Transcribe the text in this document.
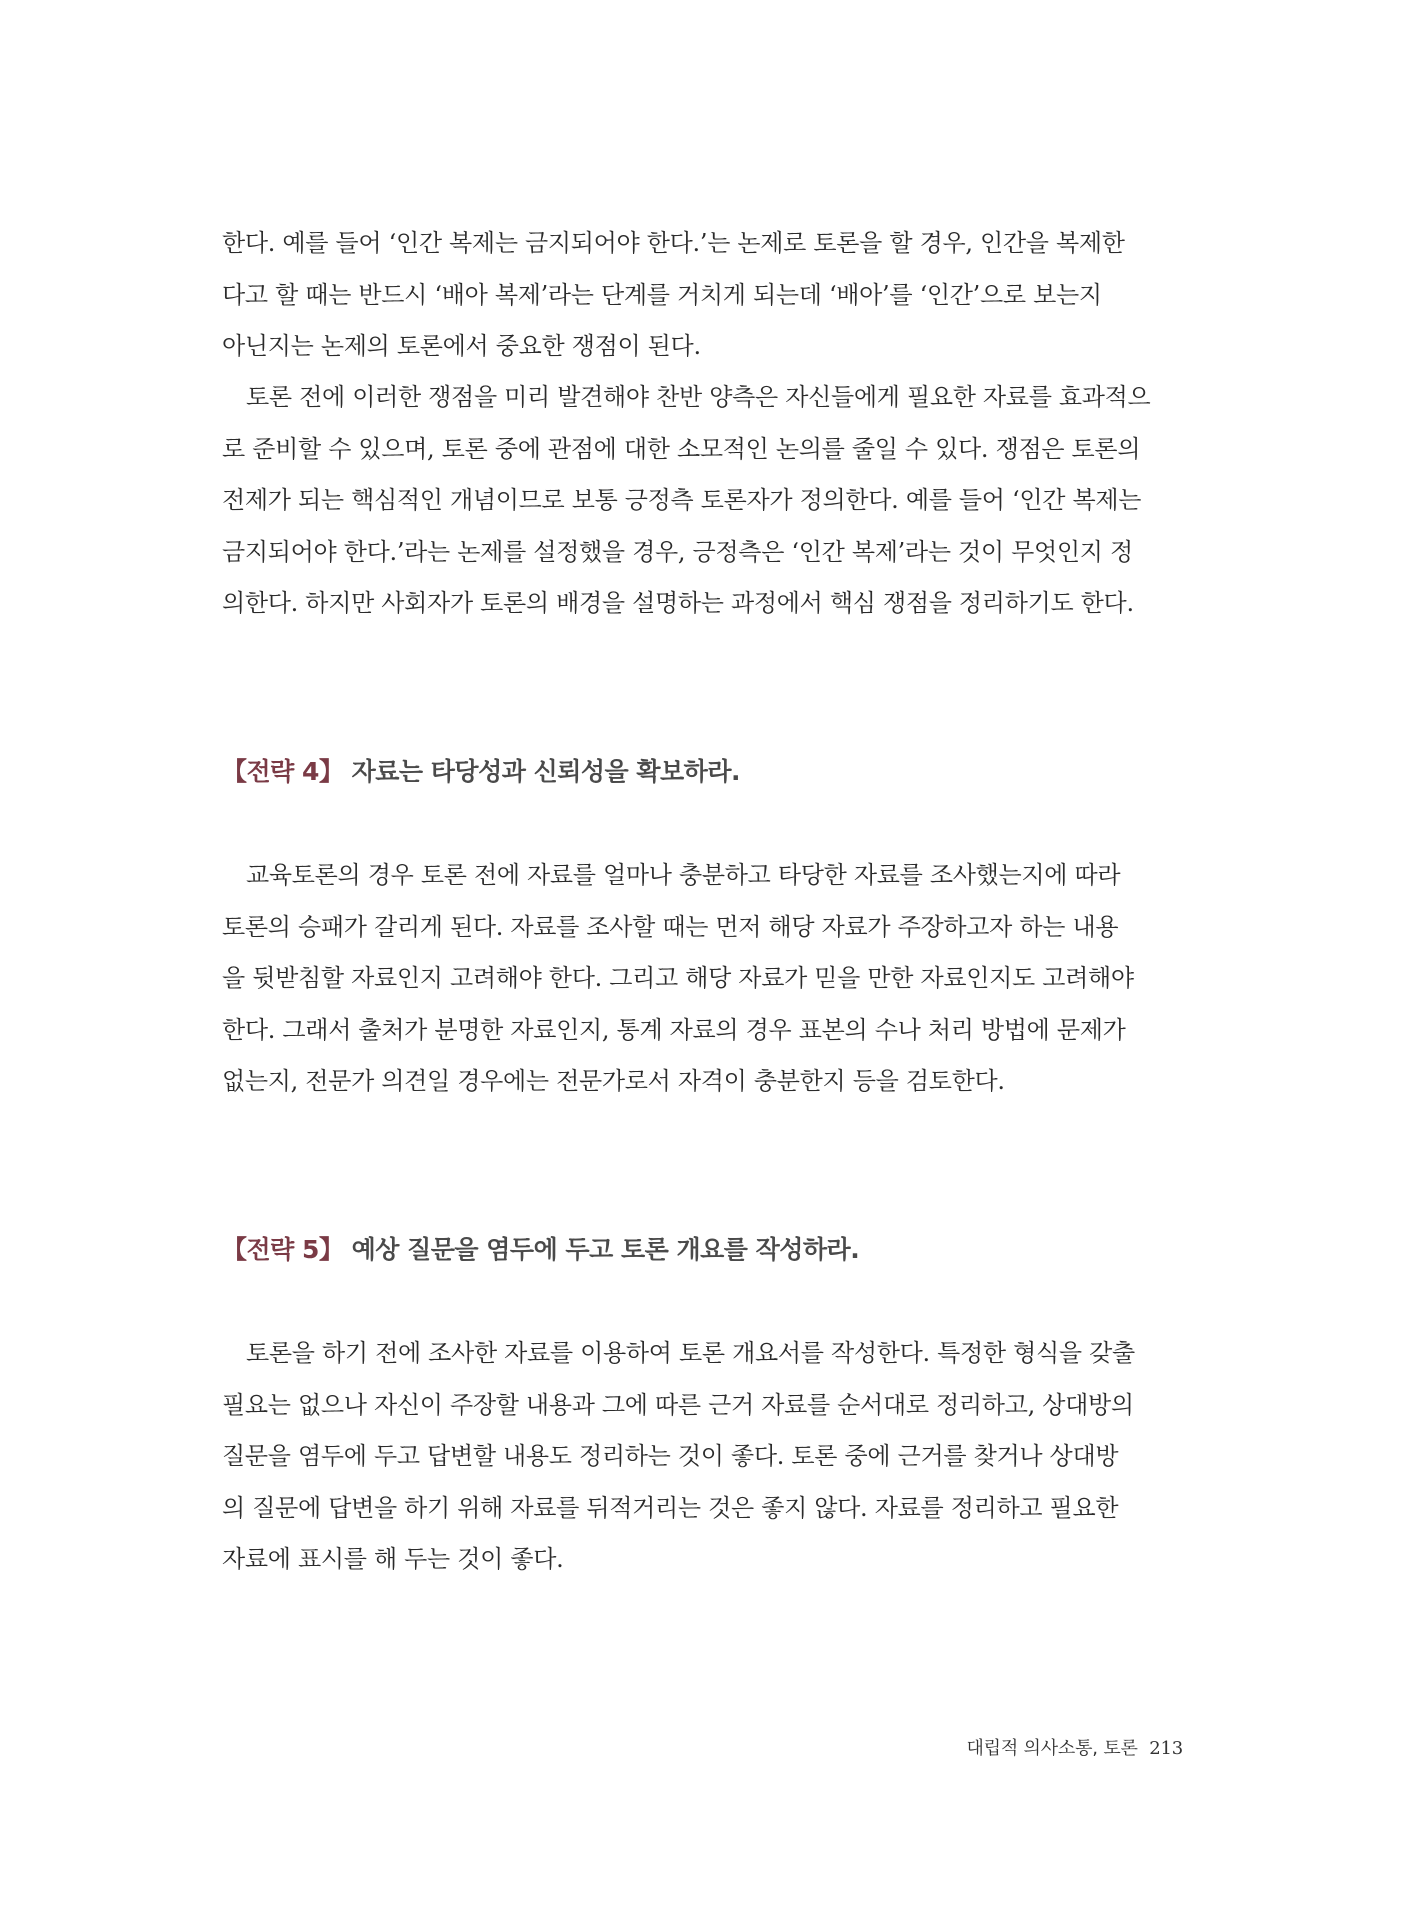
한다. 예를 들어 ‘인간 복제는 금지되어야 한다.’는 논제로 토론을 할 경우, 인간을 복제한
다고 할 때는 반드시 ‘배아 복제’라는 단계를 거치게 되는데 ‘배아’를 ‘인간’으로 보는지
아닌지는 논제의 토론에서 중요한 쟁점이 된다.

토론 전에 이러한 쟁점을 미리 발견해야 찬반 양측은 자신들에게 필요한 자료를 효과적으
로 준비할 수 있으며, 토론 중에 관점에 대한 소모적인 논의를 줄일 수 있다. 쟁점은 토론의
전제가 되는 핵심적인 개념이므로 보통 긍정측 토론자가 정의한다. 예를 들어 ‘인간 복제는
금지되어야 한다.’라는 논제를 설정했을 경우, 긍정측은 ‘인간 복제’라는 것이 무엇인지 정
의한다. 하지만 사회자가 토론의 배경을 설명하는 과정에서 핵심 쟁점을 정리하기도 한다.

【전략 4】 자료는 타당성과 신뢰성을 확보하라.

교육토론의 경우 토론 전에 자료를 얼마나 충분하고 타당한 자료를 조사했는지에 따라
토론의 승패가 갈리게 된다. 자료를 조사할 때는 먼저 해당 자료가 주장하고자 하는 내용
을 뒷받침할 자료인지 고려해야 한다. 그리고 해당 자료가 믿을 만한 자료인지도 고려해야
한다. 그래서 출처가 분명한 자료인지, 통계 자료의 경우 표본의 수나 처리 방법에 문제가
없는지, 전문가 의견일 경우에는 전문가로서 자격이 충분한지 등을 검토한다.

【전략 5】 예상 질문을 염두에 두고 토론 개요를 작성하라.

토론을 하기 전에 조사한 자료를 이용하여 토론 개요서를 작성한다. 특정한 형식을 갖출
필요는 없으나 자신이 주장할 내용과 그에 따른 근거 자료를 순서대로 정리하고, 상대방의
질문을 염두에 두고 답변할 내용도 정리하는 것이 좋다. 토론 중에 근거를 찾거나 상대방
의 질문에 답변을 하기 위해 자료를 뒤적거리는 것은 좋지 않다. 자료를 정리하고 필요한
자료에 표시를 해 두는 것이 좋다.

대립적 의사소통, 토론 213
